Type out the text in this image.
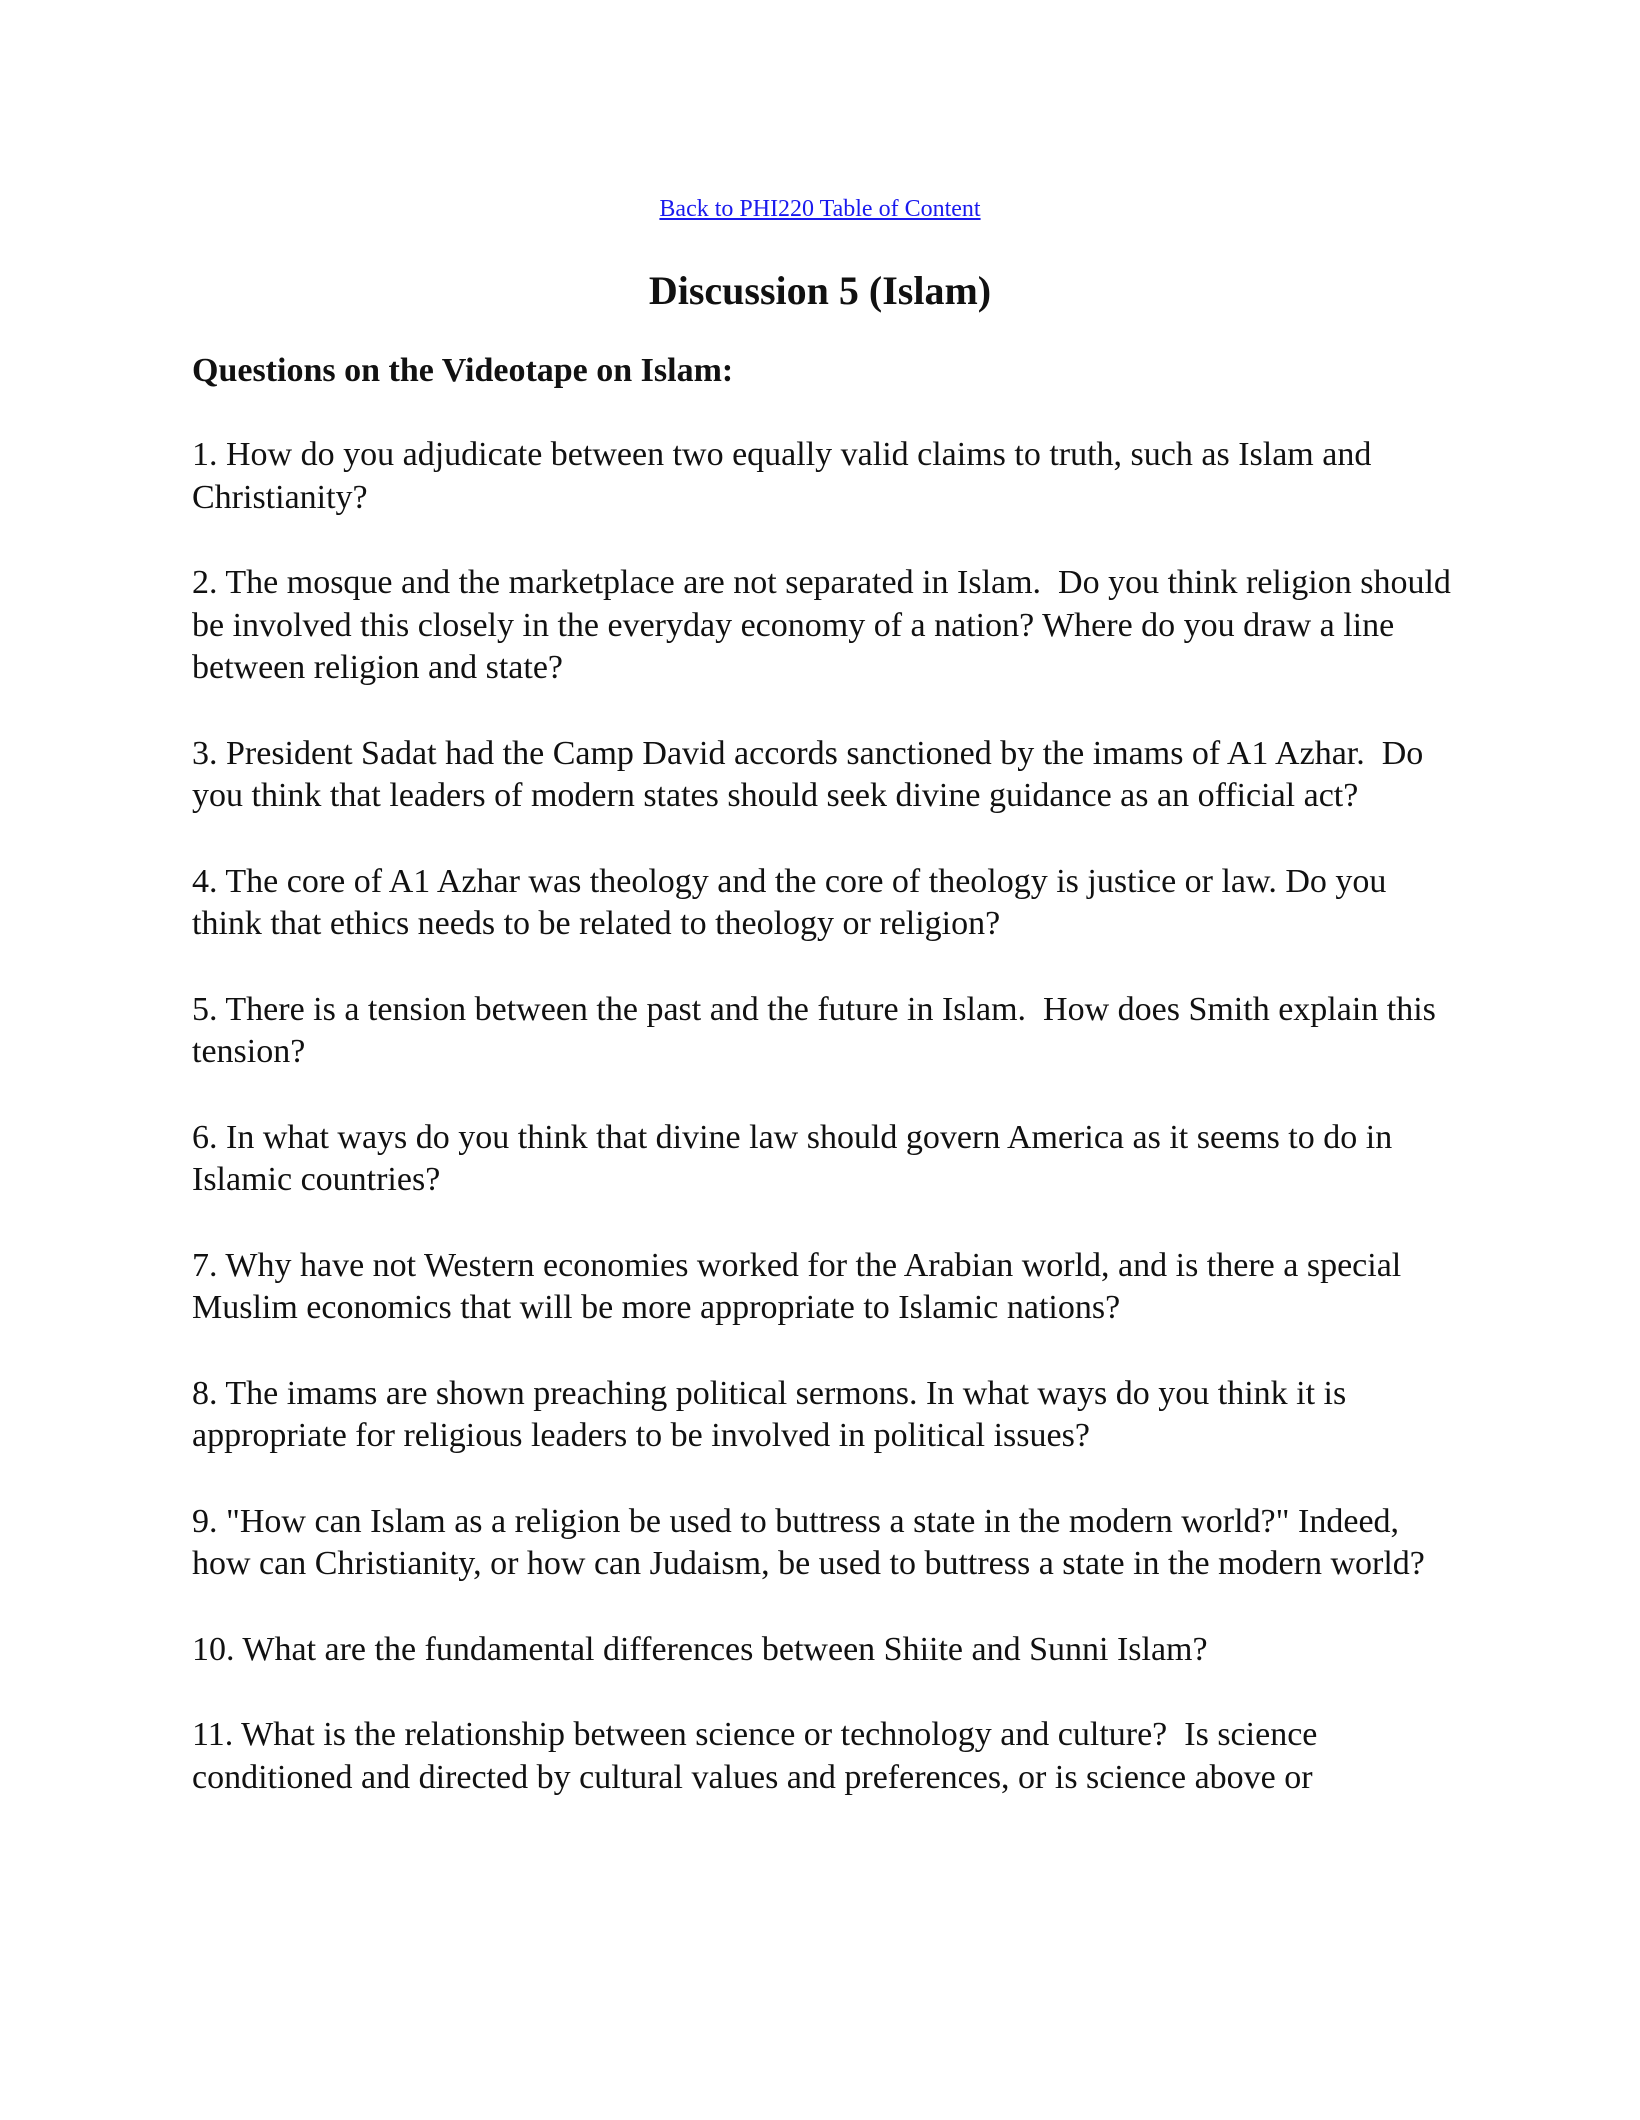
Back to PHI220 Table of Content
Discussion 5 (Islam)

Questions on the Videotape on Islam:

1. How do you adjudicate between two equally valid claims to truth, such as Islam and Christianity?

2. The mosque and the marketplace are not separated in Islam.  Do you think religion should be involved this closely in the everyday economy of a nation? Where do you draw a line between religion and state?

3. President Sadat had the Camp David accords sanctioned by the imams of A1 Azhar.  Do you think that leaders of modern states should seek divine guidance as an official act?

4. The core of A1 Azhar was theology and the core of theology is justice or law. Do you think that ethics needs to be related to theology or religion?

5. There is a tension between the past and the future in Islam.  How does Smith explain this tension?

6. In what ways do you think that divine law should govern America as it seems to do in Islamic countries?

7. Why have not Western economies worked for the Arabian world, and is there a special Muslim economics that will be more appropriate to Islamic nations?

8. The imams are shown preaching political sermons. In what ways do you think it is appropriate for religious leaders to be involved in political issues?

9. "How can Islam as a religion be used to buttress a state in the modern world?" Indeed, how can Christianity, or how can Judaism, be used to buttress a state in the modern world?

10. What are the fundamental differences between Shiite and Sunni Islam?

11. What is the relationship between science or technology and culture?  Is science conditioned and directed by cultural values and preferences, or is science above or
